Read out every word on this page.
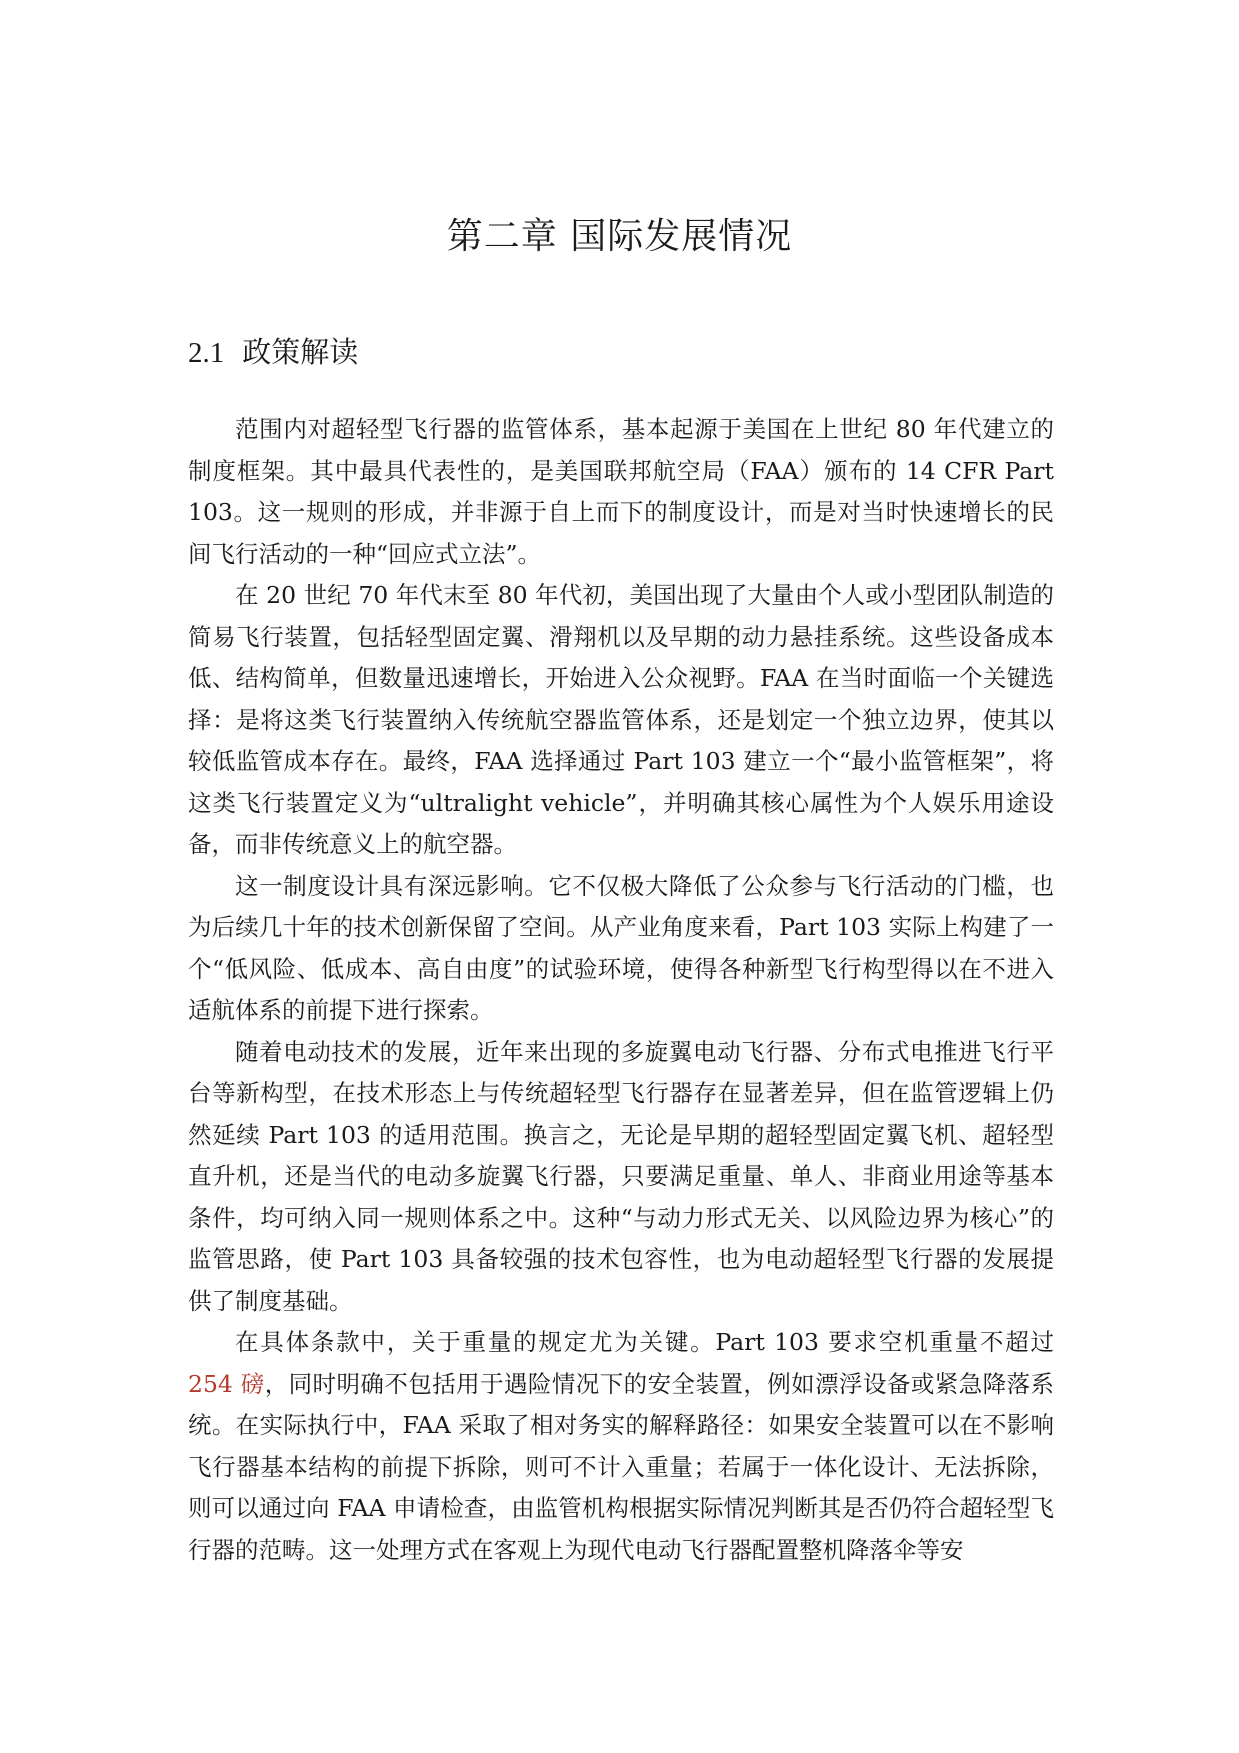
第二章 国际发展情况
2.1 政策解读

范围内对超轻型飞行器的监管体系，基本起源于美国在上世纪 80 年代建立的制度框架。其中最具代表性的，是美国联邦航空局（FAA）颁布的 14 CFR Part 103。这一规则的形成，并非源于自上而下的制度设计，而是对当时快速增长的民间飞行活动的一种“回应式立法”。

在 20 世纪 70 年代末至 80 年代初，美国出现了大量由个人或小型团队制造的简易飞行装置，包括轻型固定翼、滑翔机以及早期的动力悬挂系统。这些设备成本低、结构简单，但数量迅速增长，开始进入公众视野。FAA 在当时面临一个关键选择：是将这类飞行装置纳入传统航空器监管体系，还是划定一个独立边界，使其以较低监管成本存在。最终，FAA 选择通过 Part 103 建立一个“最小监管框架”，将这类飞行装置定义为“ultralight vehicle”，并明确其核心属性为个人娱乐用途设备，而非传统意义上的航空器。

这一制度设计具有深远影响。它不仅极大降低了公众参与飞行活动的门槛，也为后续几十年的技术创新保留了空间。从产业角度来看，Part 103 实际上构建了一个“低风险、低成本、高自由度”的试验环境，使得各种新型飞行构型得以在不进入适航体系的前提下进行探索。

随着电动技术的发展，近年来出现的多旋翼电动飞行器、分布式电推进飞行平台等新构型，在技术形态上与传统超轻型飞行器存在显著差异，但在监管逻辑上仍然延续 Part 103 的适用范围。换言之，无论是早期的超轻型固定翼飞机、超轻型直升机，还是当代的电动多旋翼飞行器，只要满足重量、单人、非商业用途等基本条件，均可纳入同一规则体系之中。这种“与动力形式无关、以风险边界为核心”的监管思路，使 Part 103 具备较强的技术包容性，也为电动超轻型飞行器的发展提供了制度基础。

在具体条款中，关于重量的规定尤为关键。Part 103 要求空机重量不超过 254 磅，同时明确不包括用于遇险情况下的安全装置，例如漂浮设备或紧急降落系统。在实际执行中，FAA 采取了相对务实的解释路径：如果安全装置可以在不影响飞行器基本结构的前提下拆除，则可不计入重量；若属于一体化设计、无法拆除，则可以通过向 FAA 申请检查，由监管机构根据实际情况判断其是否仍符合超轻型飞行器的范畴。这一处理方式在客观上为现代电动飞行器配置整机降落伞等安
